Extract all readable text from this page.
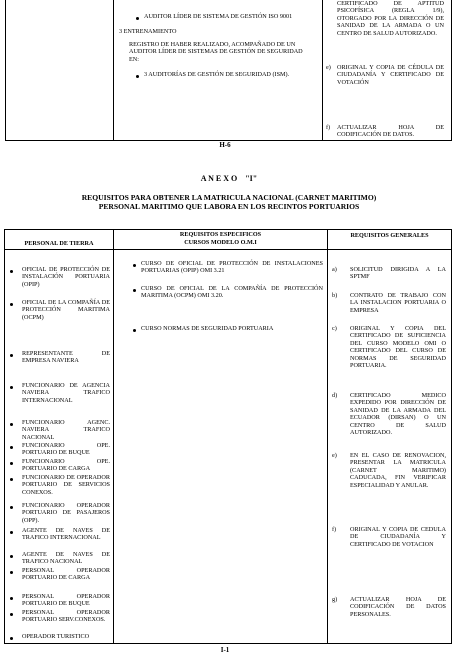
AUDITOR LÍDER DE SISTEMA DE GESTIÓN ISO 9001
3 ENTRENAMIENTO
REGISTRO DE HABER REALIZADO, ACOMPAÑADO DE UN AUDITOR LÍDER DE SISTEMAS DE GESTIÓN DE SEGURIDAD EN:
3 AUDITORÍAS DE GESTIÓN DE SEGURIDAD (ISM).
CERTIFICADO DE APTITUD PSICOFÍSICA (REGLA 1/9), OTORGADO POR LA DIRECCIÓN DE SANIDAD DE LA ARMADA O UN CENTRO DE SALUD AUTORIZADO.
e) ORIGINAL Y COPIA DE CÉDULA DE CIUDADANÍA Y CERTIFICADO DE VOTACIÓN
f) ACTUALIZAR HOJA DE CODIFICACIÓN DE DATOS.
H-6
A N E X O    "I"
REQUISITOS PARA OBTENER LA MATRICULA NACIONAL (CARNET MARITIMO)
PERSONAL MARITIMO QUE LABORA EN LOS RECINTOS PORTUARIOS
PERSONAL DE TIERRA
REQUISITOS ESPECIFICOS
CURSOS MODELO O.M.I
REQUISITOS GENERALES
OFICIAL DE PROTECCIÓN DE INSTALACIÓN PORTUARIA (OPIP)
OFICIAL DE LA COMPAÑÍA DE PROTECCIÓN MARITIMA (OCPM)
REPRESENTANTE DE EMPRESA NAVIERA
FUNCIONARIO DE AGENCIA NAVIERA TRAFICO INTERNACIONAL
FUNCIONARIO AGENC. NAVIERA TRAFICO NACIONAL
FUNCIONARIO OPE. PORTUARIO DE BUQUE
FUNCIONARIO OPE. PORTUARIO DE CARGA
FUNCIONARIO DE OPERADOR PORTUARIO DE SERVICIOS CONEXOS.
FUNCIONARIO OPERADOR PORTUARIO DE PASAJEROS (OPP).
AGENTE DE NAVES DE TRAFICO INTERNACIONAL
AGENTE DE NAVES DE TRAFICO NACIONAL
PERSONAL OPERADOR PORTUARIO DE CARGA
PERSONAL OPERADOR PORTUARIO DE BUQUE
PERSONAL OPERADOR PORTUARIO SERV.CONEXOS.
OPERADOR TURISTICO
CURSO DE OFICIAL DE PROTECCIÓN DE INSTALACIONES PORTUARIAS (OPIP) OMI 3.21
CURSO DE OFICIAL DE LA COMPAÑÍA DE PROTECCIÓN MARITIMA (OCPM) OMI 3.20.
CURSO NORMAS DE SEGURIDAD PORTUARIA
a) SOLICITUD DIRIGIDA A LA SPTMF
b) CONTRATO DE TRABAJO CON LA INSTALACION PORTUARIA O EMPRESA
c) ORIGINAL Y COPIA DEL CERTIFICADO DE SUFICIENCIA DEL CURSO MODELO OMI O CERTIFICADO DEL CURSO DE NORMAS DE SEGURIDAD PORTUARIA.
d) CERTIFICADO MEDICO EXPEDIDO POR DIRECCIÓN DE SANIDAD DE LA ARMADA DEL ECUADOR (DIRSAN) O UN CENTRO DE SALUD AUTORIZADO.
e) EN EL CASO DE RENOVACION, PRESENTAR LA MATRICULA (CARNET MARITIMO) CADUCADA, FIN VERIFICAR ESPECIALIDAD Y ANULAR.
f) ORIGINAL Y COPIA DE CEDULA DE CIUDADANÍA Y CERTIFICADO DE VOTACION
g) ACTUALIZAR HOJA DE CODIFICACIÓN DE DATOS PERSONALES.
I-1
